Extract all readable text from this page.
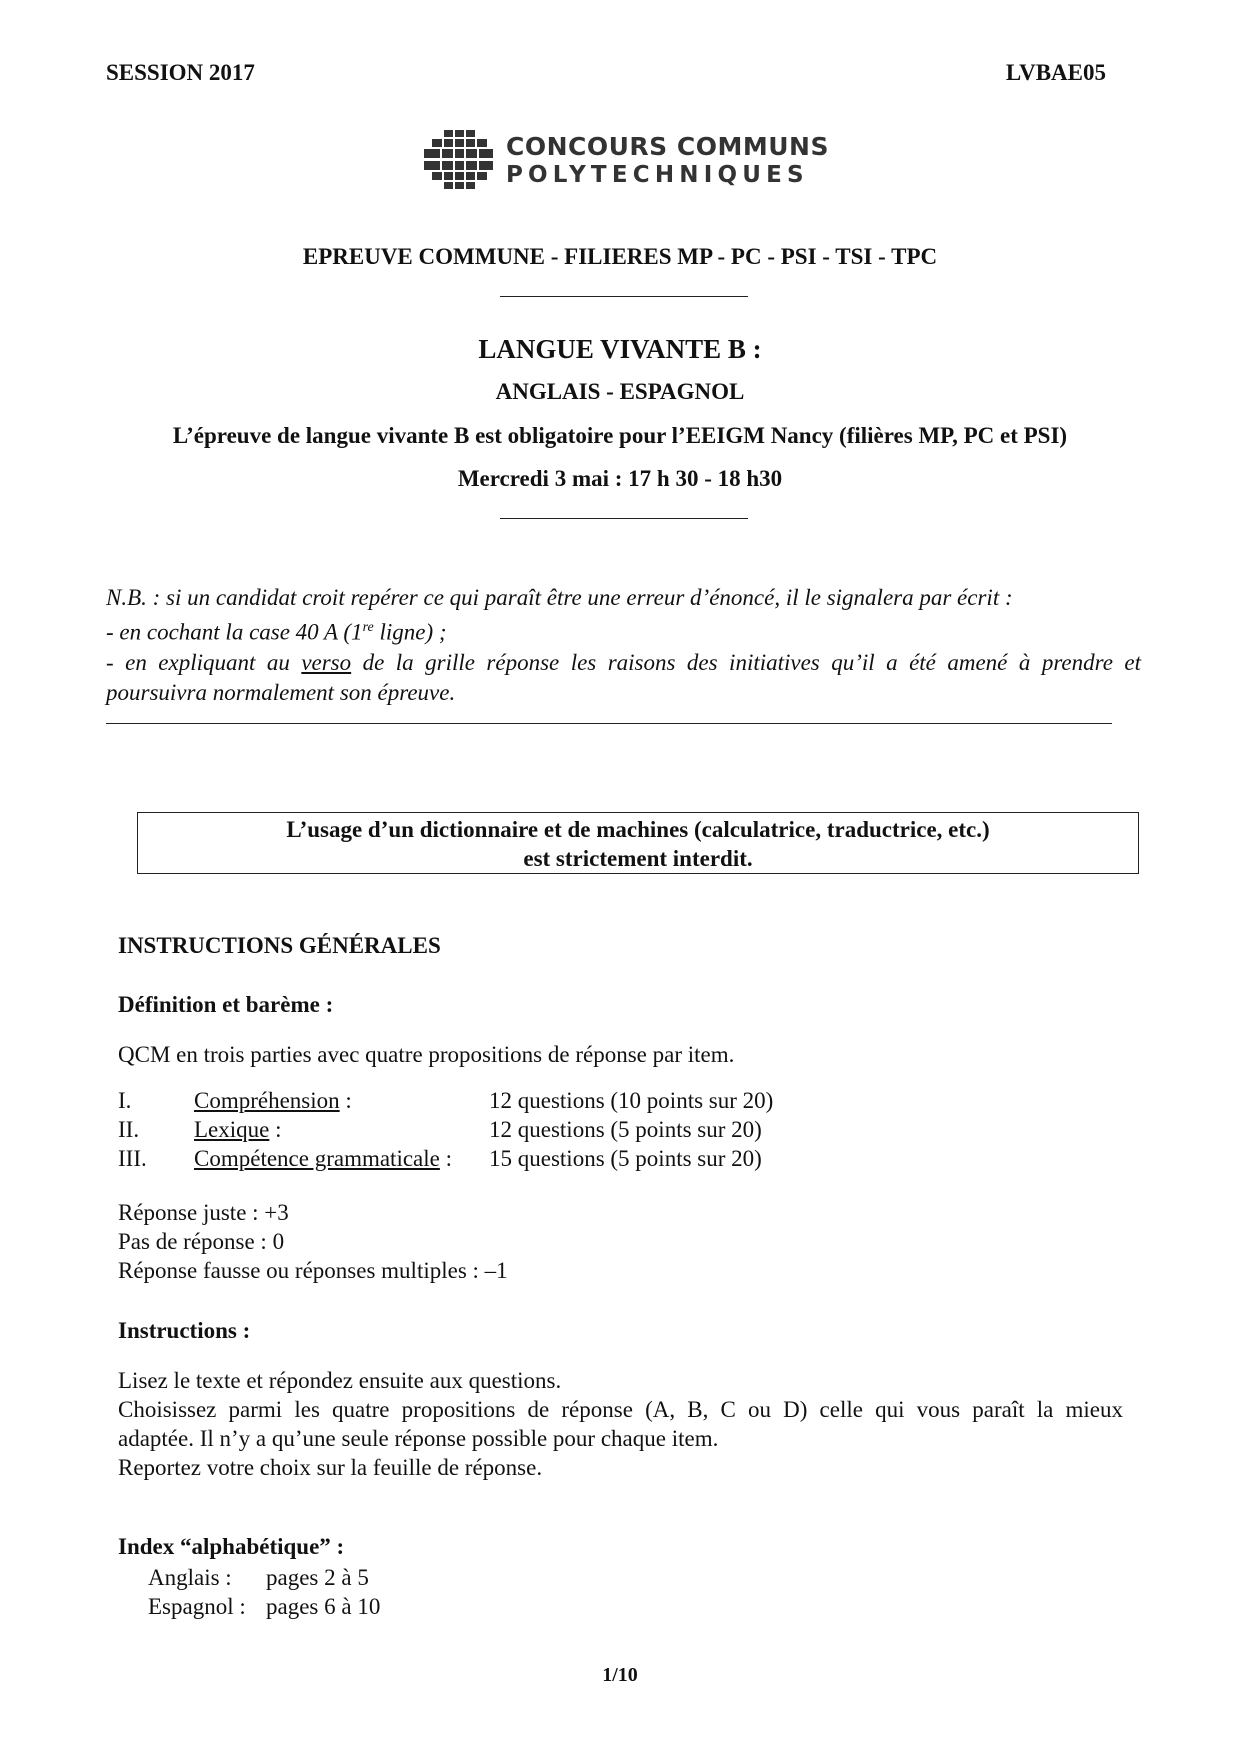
SESSION 2017	LVBAE05
CONCOURS COMMUNS
POLYTECHNIQUES
EPREUVE COMMUNE - FILIERES MP - PC - PSI - TSI - TPC
LANGUE VIVANTE B :
ANGLAIS - ESPAGNOL
L’épreuve de langue vivante B est obligatoire pour l’EEIGM Nancy (filières MP, PC et PSI)
Mercredi 3 mai : 17 h 30 - 18 h30

N.B. : si un candidat croit repérer ce qui paraît être une erreur d’énoncé, il le signalera par écrit :

- en cochant la case 40 A (1re ligne) ;

- en expliquant au verso de la grille réponse les raisons des initiatives qu’il a été amené à prendre et

poursuivra normalement son épreuve.

L’usage d’un dictionnaire et de machines (calculatrice, traductrice, etc.)
est strictement interdit.
INSTRUCTIONS GÉNÉRALES
Définition et barème :
QCM en trois parties avec quatre propositions de réponse par item.
I.	Compréhension :	12 questions (10 points sur 20)
II. Lexique :	12 questions (5 points sur 20)
III. Compétence grammaticale : 15 questions (5 points sur 20)

Réponse juste : +3

Pas de réponse : 0

Réponse fausse ou réponses multiples : –1

Instructions :

Lisez le texte et répondez ensuite aux questions.

Choisissez parmi les quatre propositions de réponse (A, B, C ou D) celle qui vous paraît la mieux

adaptée. Il n’y a qu’une seule réponse possible pour chaque item.

Reportez votre choix sur la feuille de réponse.

Index “alphabétique” :
Anglais : pages 2 à 5
Espagnol : pages 6 à 10
1/10
